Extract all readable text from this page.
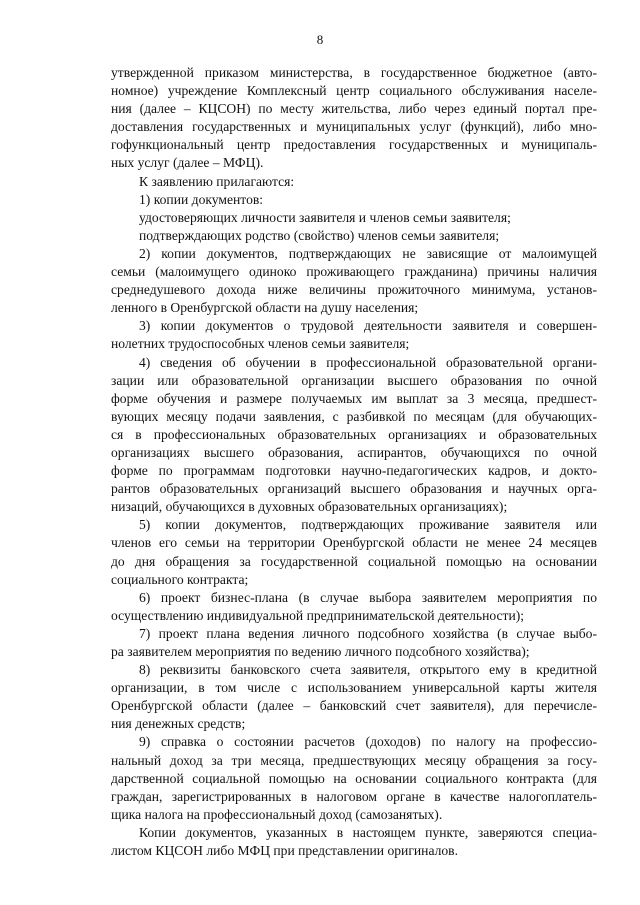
8
утвержденной приказом министерства, в государственное бюджетное (авто-
номное) учреждение Комплексный центр социального обслуживания населе-
ния (далее – КЦСОН) по месту жительства, либо через единый портал пре-
доставления государственных и муниципальных услуг (функций), либо мно-
гофункциональный центр предоставления государственных и муниципаль-
ных услуг (далее – МФЦ).
К заявлению прилагаются:
1) копии документов:
удостоверяющих личности заявителя и членов семьи заявителя;
подтверждающих родство (свойство) членов семьи заявителя;
2) копии документов, подтверждающих не зависящие от малоимущей
семьи (малоимущего одиноко проживающего гражданина) причины наличия
среднедушевого дохода ниже величины прожиточного минимума, установ-
ленного в Оренбургской области на душу населения;
3) копии документов о трудовой деятельности заявителя и совершен-
нолетних трудоспособных членов семьи заявителя;
4) сведения об обучении в профессиональной образовательной органи-
зации или образовательной организации высшего образования по очной
форме обучения и размере получаемых им выплат за 3 месяца, предшест-
вующих месяцу подачи заявления, с разбивкой по месяцам (для обучающих-
ся в профессиональных образовательных организациях и образовательных
организациях высшего образования, аспирантов, обучающихся по очной
форме по программам подготовки научно-педагогических кадров, и докто-
рантов образовательных организаций высшего образования и научных орга-
низаций, обучающихся в духовных образовательных организациях);
5) копии документов, подтверждающих проживание заявителя или
членов его семьи на территории Оренбургской области не менее 24 месяцев
до дня обращения за государственной социальной помощью на основании
социального контракта;
6) проект бизнес-плана (в случае выбора заявителем мероприятия по
осуществлению индивидуальной предпринимательской деятельности);
7) проект плана ведения личного подсобного хозяйства (в случае выбо-
ра заявителем мероприятия по ведению личного подсобного хозяйства);
8) реквизиты банковского счета заявителя, открытого ему в кредитной
организации, в том числе с использованием универсальной карты жителя
Оренбургской области (далее – банковский счет заявителя), для перечисле-
ния денежных средств;
9) справка о состоянии расчетов (доходов) по налогу на профессио-
нальный доход за три месяца, предшествующих месяцу обращения за госу-
дарственной социальной помощью на основании социального контракта (для
граждан, зарегистрированных в налоговом органе в качестве налогоплатель-
щика налога на профессиональный доход (самозанятых).
Копии документов, указанных в настоящем пункте, заверяются специа-
листом КЦСОН либо МФЦ при представлении оригиналов.
